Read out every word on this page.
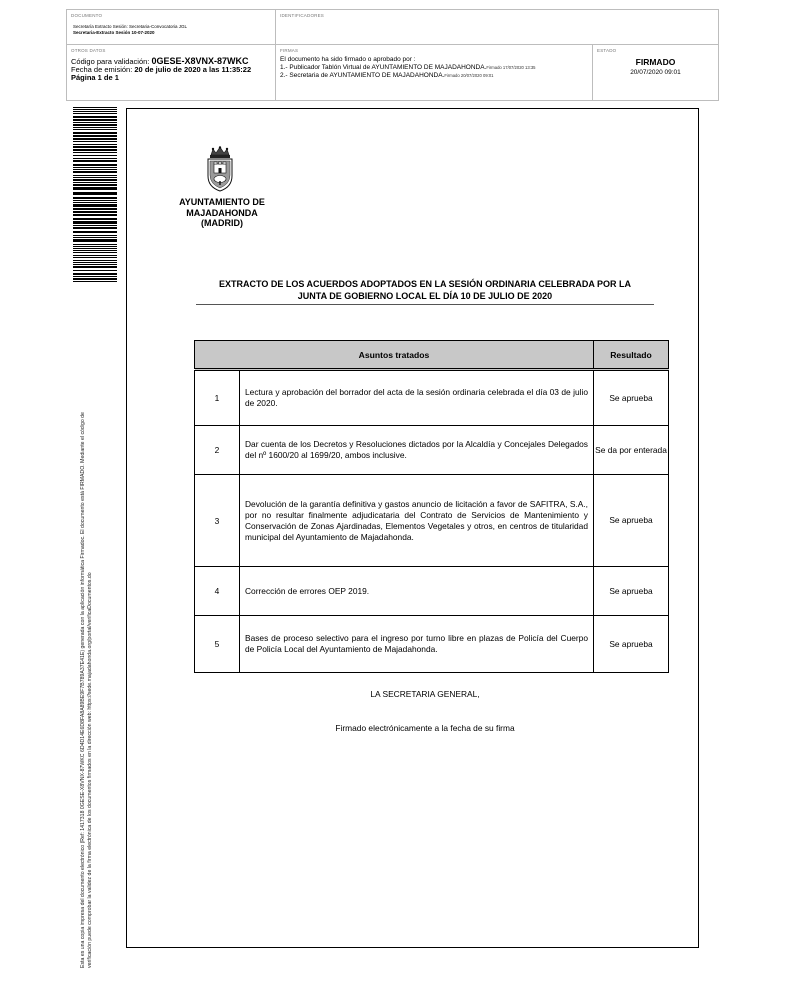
DOCUMENTO
Secretaría Extracto Sesión: Secretaria-Convocatoria JGL
Secretaria-Extracto Sesión 10-07-2020
IDENTIFICADORES
OTROS DATOS
Código para validación: 0GESE-X8VNX-87WKC
Fecha de emisión: 20 de julio de 2020 a las 11:35:22
Página 1 de 1
FIRMAS
El documento ha sido firmado o aprobado por :
1.- Publicador Tablón Virtual de AYUNTAMIENTO DE MAJADAHONDA.Firmado 17/07/2020 13:35
2.- Secretaria de AYUNTAMIENTO DE MAJADAHONDA.Firmado 20/07/2020 09:01
ESTADO
FIRMADO
20/07/2020 09:01
Esta es una copia impresa del documento electrónico (Ref: 1417318 0GESE-X8VNX-87WKC 6D4D14E6D8FA8A89BE9F7B789A37E41E) generada con la aplicación informática Firmadoc. El documento está FIRMADO. Mediante el código de verificación puede comprobar la validez de la firma electrónica de los documentos firmados en la dirección web: https://sede.majadahonda.org/portal/verificaDocumentos.do
AYUNTAMIENTO DE
MAJADAHONDA
(MADRID)
EXTRACTO DE LOS ACUERDOS ADOPTADOS EN LA SESIÓN ORDINARIA CELEBRADA POR LA
JUNTA DE GOBIERNO LOCAL EL DÍA 10 DE JULIO DE 2020
Asuntos tratados		Resultado
1	Lectura y aprobación del borrador del acta de la sesión ordinaria celebrada el día 03 de julio de 2020.	Se aprueba
2	Dar cuenta de los Decretos y Resoluciones dictados por la Alcaldía y Concejales Delegados del nº 1600/20 al 1699/20, ambos inclusive.	Se da por enterada
3	Devolución de la garantía definitiva y gastos anuncio de licitación a favor de SAFITRA, S.A., por no resultar finalmente adjudicataria del Contrato de Servicios de Mantenimiento y Conservación de Zonas Ajardinadas, Elementos Vegetales y otros, en centros de titularidad municipal del Ayuntamiento de Majadahonda.	Se aprueba
4	Corrección de errores OEP 2019.	Se aprueba
5	Bases de proceso selectivo para el ingreso por turno libre en plazas de Policía del Cuerpo de Policía Local del Ayuntamiento de Majadahonda.	Se aprueba
LA SECRETARIA GENERAL,
Firmado electrónicamente a la fecha de su firma
